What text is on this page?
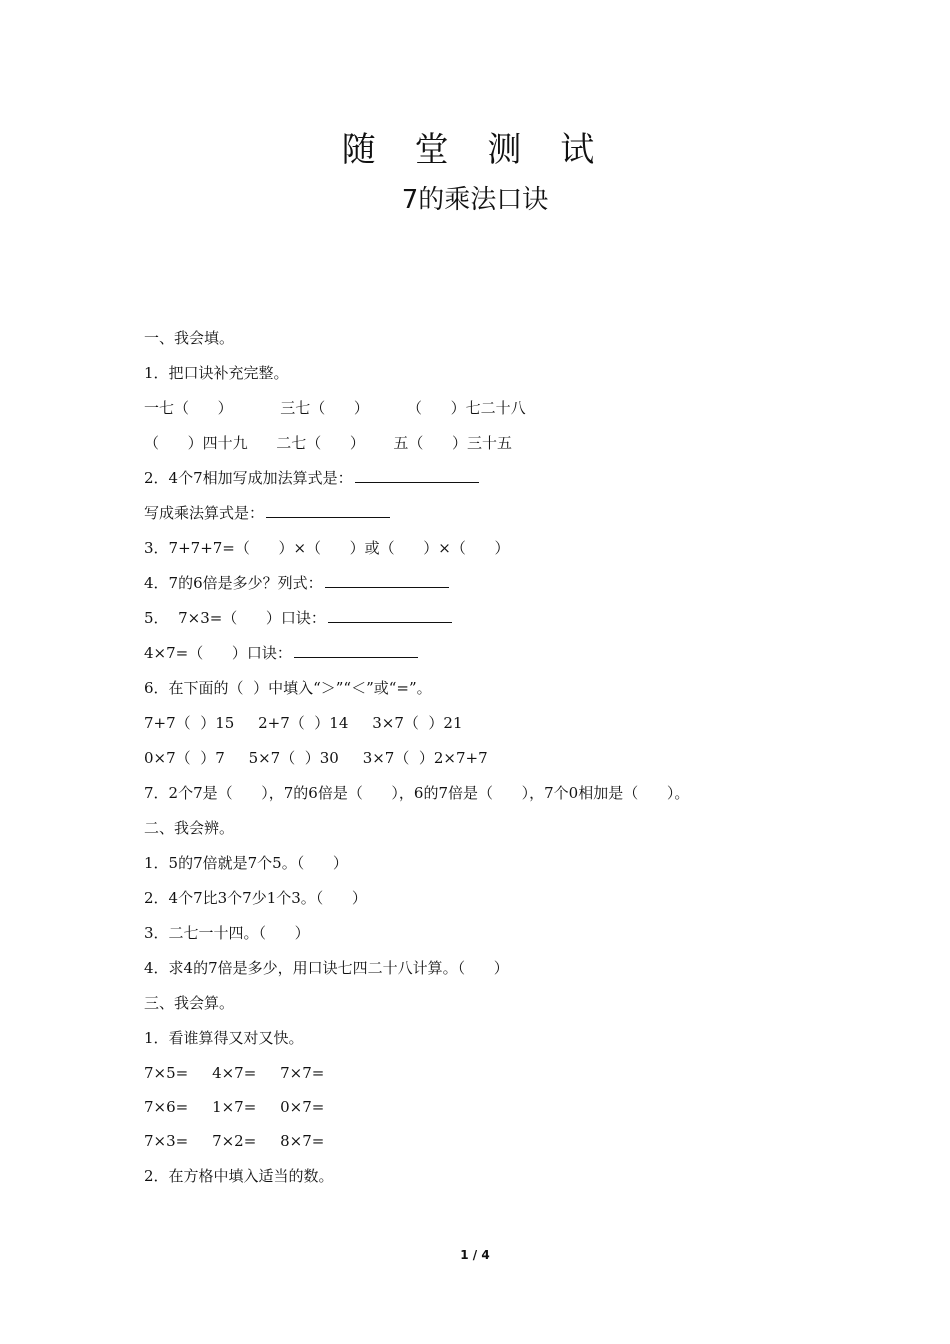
随 堂 测 试
7的乘法口诀
一、我会填。
1．把口诀补充完整。
一七（      ）          三七（      ）        （      ）七二十八
（      ）四十九      二七（      ）      五（      ）三十五
2．4个7相加写成加法算式是：
写成乘法算式是：
3．7+7+7=（      ）×（      ）或（      ）×（      ）
4．7的6倍是多少？列式：
5．  7×3=（      ）口诀：
4×7=（      ）口诀：
6．在下面的（  ）中填入“＞”“＜”或“=”。
7+7（  ）15     2+7（  ）14     3×7（  ）21
0×7（  ）7     5×7（  ）30     3×7（  ）2×7+7
7．2个7是（      ），7的6倍是（      ），6的7倍是（      ），7个0相加是（      ）。
二、我会辨。
1．5的7倍就是7个5。（      ）
2．4个7比3个7少1个3。（      ）
3．二七一十四。（      ）
4．求4的7倍是多少，用口诀七四二十八计算。（      ）
三、我会算。
1．看谁算得又对又快。
7×5=     4×7=     7×7=
7×6=     1×7=     0×7=
7×3=     7×2=     8×7=
2．在方格中填入适当的数。
1 / 4
